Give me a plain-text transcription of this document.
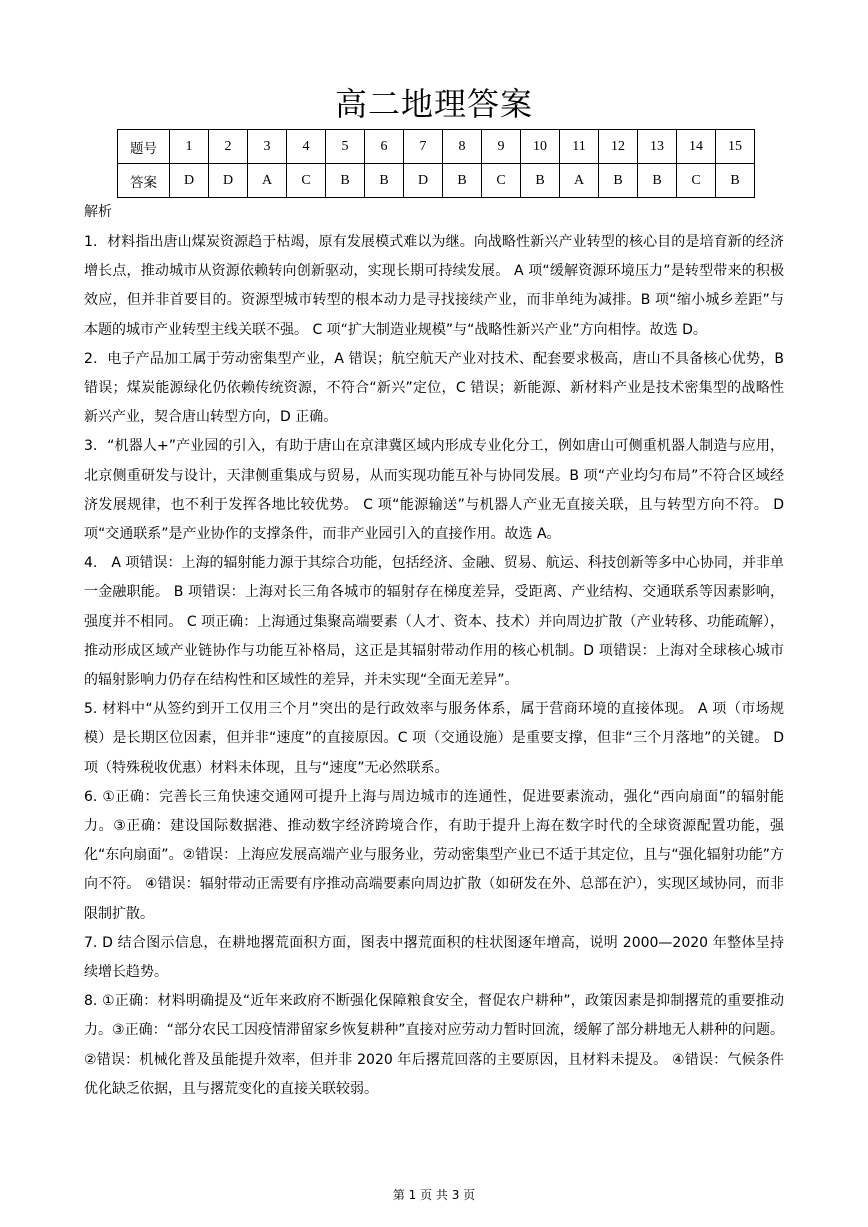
高二地理答案
题号	1	2	3	4	5	6	7	8	9	10	11	12	13	14	15
答案	D	D	A	C	B	B	D	B	C	B	A	B	B	C	B
解析

1．材料指出唐山煤炭资源趋于枯竭，原有发展模式难以为继。向战略性新兴产业转型的核心目的是培育新的经济增长点，推动城市从资源依赖转向创新驱动，实现长期可持续发展。 A 项“缓解资源环境压力”是转型带来的积极效应，但并非首要目的。资源型城市转型的根本动力是寻找接续产业，而非单纯为减排。B 项“缩小城乡差距”与本题的城市产业转型主线关联不强。 C 项“扩大制造业规模”与“战略性新兴产业”方向相悖。故选 D。

2．电子产品加工属于劳动密集型产业，A 错误；航空航天产业对技术、配套要求极高，唐山不具备核心优势，B 错误；煤炭能源绿化仍依赖传统资源，不符合“新兴”定位，C 错误；新能源、新材料产业是技术密集型的战略性新兴产业，契合唐山转型方向，D 正确。

3．“机器人+”产业园的引入，有助于唐山在京津冀区域内形成专业化分工，例如唐山可侧重机器人制造与应用，北京侧重研发与设计，天津侧重集成与贸易，从而实现功能互补与协同发展。B 项“产业均匀布局”不符合区域经济发展规律，也不利于发挥各地比较优势。 C 项“能源输送”与机器人产业无直接关联，且与转型方向不符。 D 项“交通联系”是产业协作的支撑条件，而非产业园引入的直接作用。故选 A。

4.　A 项错误：上海的辐射能力源于其综合功能，包括经济、金融、贸易、航运、科技创新等多中心协同，并非单一金融职能。 B 项错误：上海对长三角各城市的辐射存在梯度差异，受距离、产业结构、交通联系等因素影响，强度并不相同。 C 项正确：上海通过集聚高端要素（人才、资本、技术）并向周边扩散（产业转移、功能疏解），推动形成区域产业链协作与功能互补格局，这正是其辐射带动作用的核心机制。D 项错误：上海对全球核心城市的辐射影响力仍存在结构性和区域性的差异，并未实现“全面无差异”。

5. 材料中“从签约到开工仅用三个月”突出的是行政效率与服务体系，属于营商环境的直接体现。 A 项（市场规模）是长期区位因素，但并非“速度”的直接原因。C 项（交通设施）是重要支撑，但非“三个月落地”的关键。 D 项（特殊税收优惠）材料未体现，且与“速度”无必然联系。

6. ①正确：完善长三角快速交通网可提升上海与周边城市的连通性，促进要素流动，强化“西向扇面”的辐射能力。③正确：建设国际数据港、推动数字经济跨境合作，有助于提升上海在数字时代的全球资源配置功能，强化“东向扇面”。②错误：上海应发展高端产业与服务业，劳动密集型产业已不适于其定位，且与“强化辐射功能”方向不符。 ④错误：辐射带动正需要有序推动高端要素向周边扩散（如研发在外、总部在沪），实现区域协同，而非限制扩散。

7. D 结合图示信息，在耕地撂荒面积方面，图表中撂荒面积的柱状图逐年增高，说明 2000—2020 年整体呈持续增长趋势。

8. ①正确：材料明确提及“近年来政府不断强化保障粮食安全，督促农户耕种”，政策因素是抑制撂荒的重要推动力。③正确：“部分农民工因疫情滞留家乡恢复耕种”直接对应劳动力暂时回流，缓解了部分耕地无人耕种的问题。②错误：机械化普及虽能提升效率，但并非 2020 年后撂荒回落的主要原因，且材料未提及。 ④错误：气候条件优化缺乏依据，且与撂荒变化的直接关联较弱。

第 1 页 共 3 页
